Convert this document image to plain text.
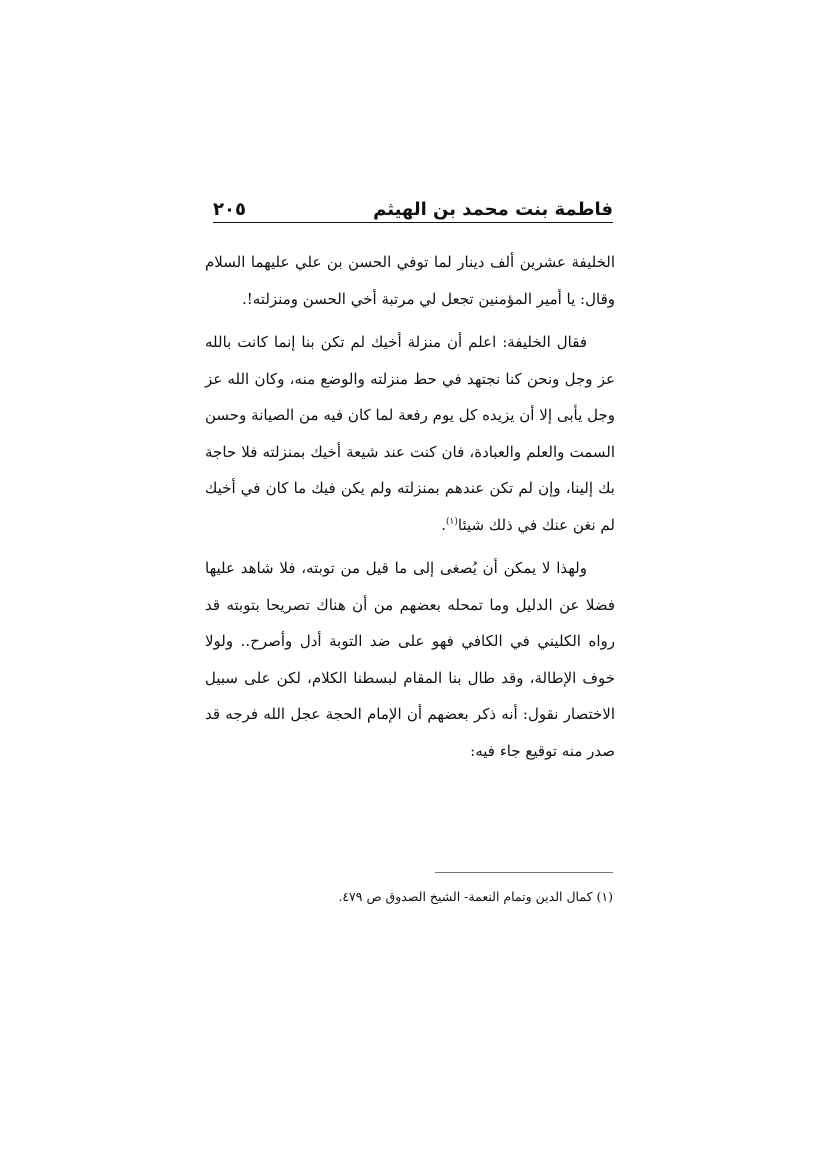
فاطمة بنت محمد بن الهيثم
٢٠٥

الخليفة عشرين ألف دينار لما توفي الحسن بن علي عليهما السلام وقال: يا أمير المؤمنين تجعل لي مرتبة أخي الحسن ومنزلته!.

فقال الخليفة: اعلم أن منزلة أخيك لم تكن بنا إنما كانت بالله عز وجل ونحن كنا نجتهد في حط منزلته والوضع منه، وكان الله عز وجل يأبى إلا أن يزيده كل يوم رفعة لما كان فيه من الصيانة وحسن السمت والعلم والعبادة، فان كنت عند شيعة أخيك بمنزلته فلا حاجة بك إلينا، وإن لم تكن عندهم بمنزلته ولم يكن فيك ما كان في أخيك لم نغن عنك في ذلك شيئا$^{(١)}$.

ولهذا لا يمكن أن يُصغى إلى ما قيل من توبته، فلا شاهد عليها فضلا عن الدليل وما تمحله بعضهم من أن هناك تصريحا بتوبته قد رواه الكليني في الكافي فهو على ضد التوبة أدل وأصرح.. ولولا خوف الإطالة، وقد طال بنا المقام لبسطنا الكلام، لكن على سبيل الاختصار نقول: أنه ذكر بعضهم أن الإمام الحجة عجل الله فرجه قد صدر منه توقيع جاء فيه:

(١) كمال الدين وتمام النعمة- الشيخ الصدوق ص ٤٧٩.
